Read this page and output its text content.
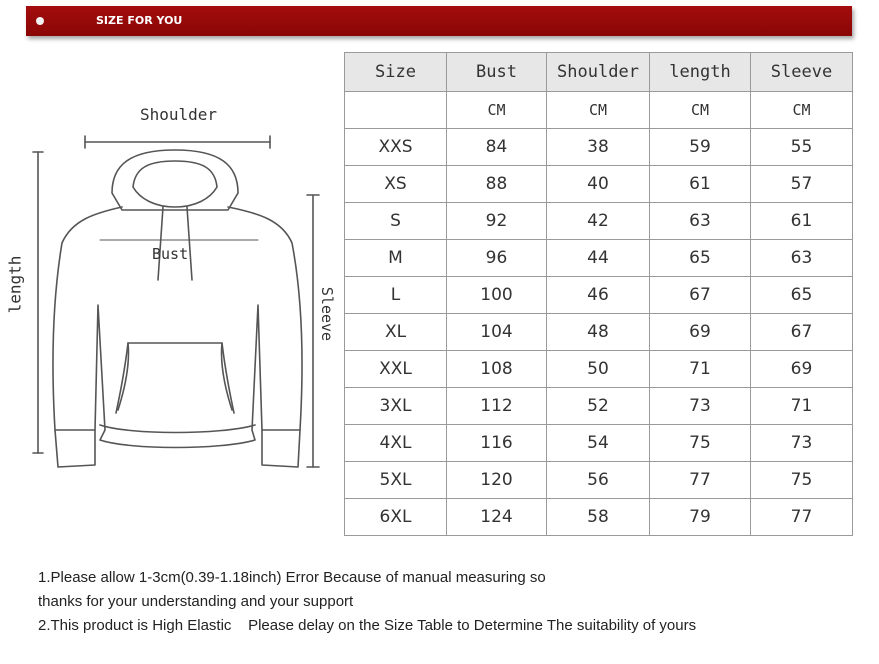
SIZE FOR YOU
Shoulder
Bust
length
Sleeve
Size	Bust	Shoulder	length	Sleeve
	CM	CM	CM	CM
XXS	84	38	59	55
XS	88	40	61	57
S	92	42	63	61
M	96	44	65	63
L	100	46	67	65
XL	104	48	69	67
XXL	108	50	71	69
3XL	112	52	73	71
4XL	116	54	75	73
5XL	120	56	77	75
6XL	124	58	79	77
1.Please allow 1-3cm(0.39-1.18inch) Error Because of manual measuring so
thanks for your understanding and your support
2.This product is High Elastic    Please delay on the Size Table to Determine The suitability of yours
